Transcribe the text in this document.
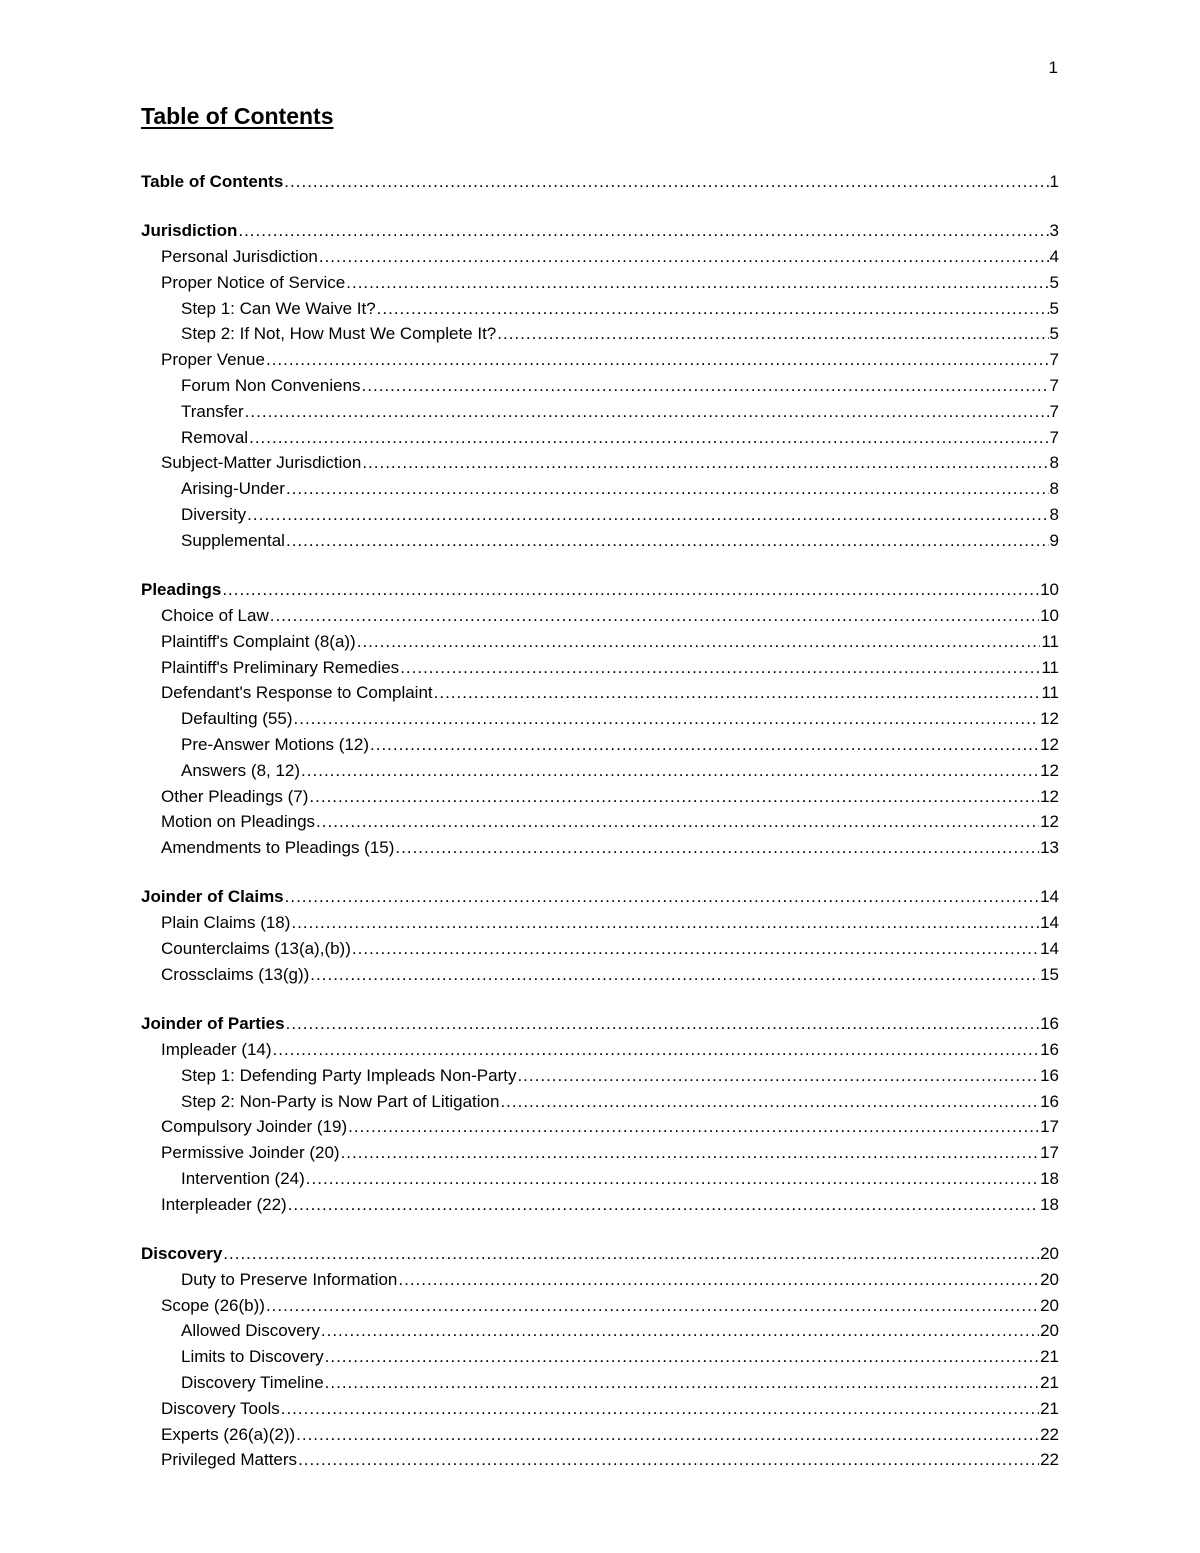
1
Table of Contents
Table of Contents .....	1
Jurisdiction .....	3
Personal Jurisdiction .....	4
Proper Notice of Service .....	5
Step 1: Can We Waive It? .....	5
Step 2: If Not, How Must We Complete It? .....	5
Proper Venue .....	7
Forum Non Conveniens .....	7
Transfer .....	7
Removal .....	7
Subject-Matter Jurisdiction .....	8
Arising-Under .....	8
Diversity .....	8
Supplemental .....	9
Pleadings .....	10
Choice of Law .....	10
Plaintiff's Complaint (8(a)) .....	11
Plaintiff's Preliminary Remedies .....	11
Defendant's Response to Complaint .....	11
Defaulting (55) .....	12
Pre-Answer Motions (12) .....	12
Answers (8, 12) .....	12
Other Pleadings (7) .....	12
Motion on Pleadings .....	12
Amendments to Pleadings (15) .....	13
Joinder of Claims .....	14
Plain Claims (18) .....	14
Counterclaims (13(a),(b)) .....	14
Crossclaims (13(g)) .....	15
Joinder of Parties .....	16
Impleader (14) .....	16
Step 1: Defending Party Impleads Non-Party .....	16
Step 2: Non-Party is Now Part of Litigation .....	16
Compulsory Joinder (19) .....	17
Permissive Joinder (20) .....	17
Intervention (24) .....	18
Interpleader (22) .....	18
Discovery .....	20
Duty to Preserve Information .....	20
Scope (26(b)) .....	20
Allowed Discovery .....	20
Limits to Discovery .....	21
Discovery Timeline .....	21
Discovery Tools .....	21
Experts (26(a)(2)) .....	22
Privileged Matters .....	22
